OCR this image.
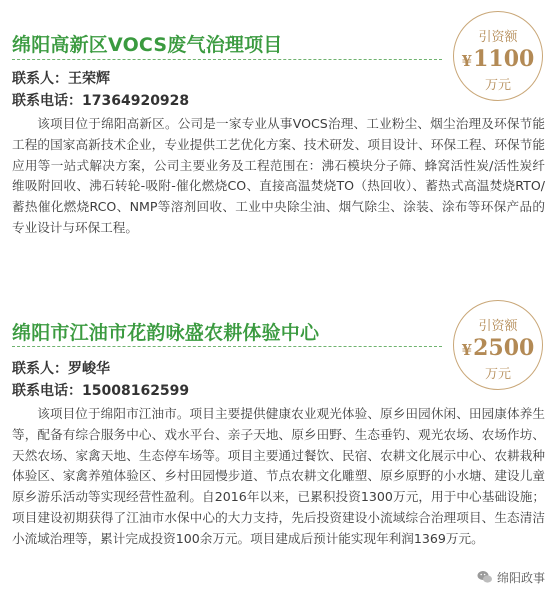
绵阳高新区VOCS废气治理项目	引资额
¥1100
万元
联系人：王荣辉
联系电话：17364920928

该项目位于绵阳高新区。公司是一家专业从事VOCS治理、工业粉尘、烟尘治理及环保节能工程的国家高新技术企业，专业提供工艺优化方案、技术研发、项目设计、环保工程、环保节能应用等一站式解决方案，公司主要业务及工程范围在：沸石模块分子筛、蜂窝活性炭/活性炭纤维吸附回收、沸石转轮-吸附-催化燃烧CO、直接高温焚烧TO（热回收）、蓄热式高温焚烧RTO/蓄热催化燃烧RCO、NMP等溶剂回收、工业中央除尘油、烟气除尘、涂装、涂布等环保产品的专业设计与环保工程。

绵阳市江油市花韵咏盛农耕体验中心	引资额
¥2500
万元
联系人：罗峻华
联系电话：15008162599

该项目位于绵阳市江油市。项目主要提供健康农业观光体验、原乡田园休闲、田园康体养生等，配备有综合服务中心、戏水平台、亲子天地、原乡田野、生态垂钓、观光农场、农场作坊、天然农场、家禽天地、生态停车场等。项目主要通过餐饮、民宿、农耕文化展示中心、农耕栽种体验区、家禽养殖体验区、乡村田园慢步道、节点农耕文化雕塑、原乡原野的小水塘、建设儿童原乡游乐活动等实现经营性盈利。自2016年以来，已累积投资1300万元，用于中心基础设施；项目建设初期获得了江油市水保中心的大力支持，先后投资建设小流域综合治理项目、生态清洁小流域治理等，累计完成投资100余万元。项目建成后预计能实现年利润1369万元。

绵阳政事
